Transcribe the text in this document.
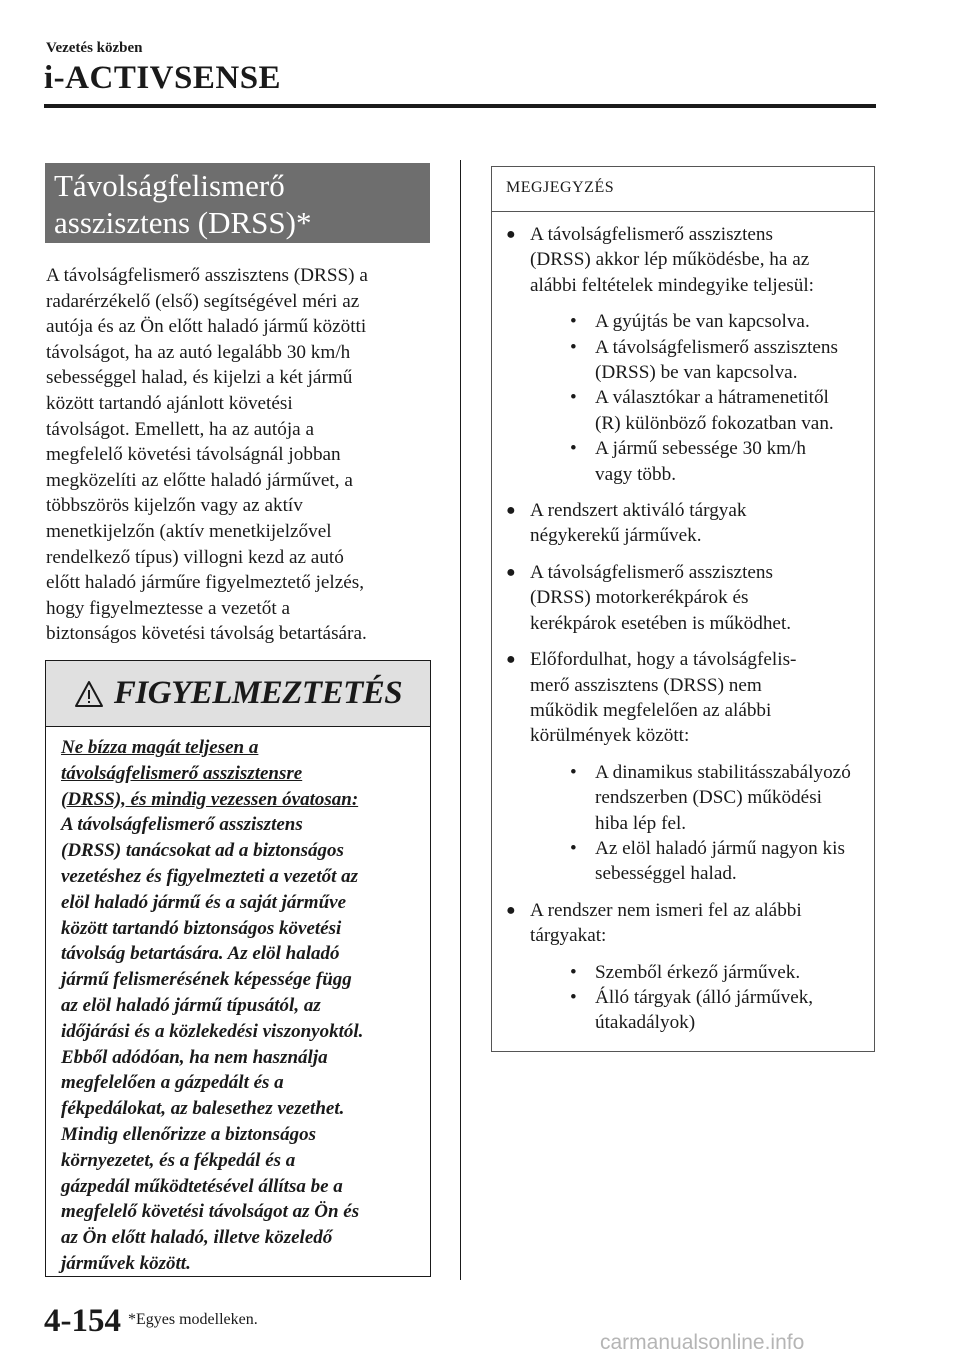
Vezetés közben
i-ACTIVSENSE
Távolságfelismerő
asszisztens (DRSS)*
A távolságfelismerő asszisztens (DRSS) a
radarérzékelő (első) segítségével méri az
autója és az Ön előtt haladó jármű közötti
távolságot, ha az autó legalább 30 km/h
sebességgel halad, és kijelzi a két jármű
között tartandó ajánlott követési
távolságot. Emellett, ha az autója a
megfelelő követési távolságnál jobban
megközelíti az előtte haladó járművet, a
többszörös kijelzőn vagy az aktív
menetkijelzőn (aktív menetkijelzővel
rendelkező típus) villogni kezd az autó
előtt haladó járműre figyelmeztető jelzés,
hogy figyelmeztesse a vezetőt a
biztonságos követési távolság betartására.
FIGYELMEZTETÉS
Ne bízza magát teljesen a
távolságfelismerő asszisztensre
(DRSS), és mindig vezessen óvatosan:
A távolságfelismerő asszisztens
(DRSS) tanácsokat ad a biztonságos
vezetéshez és figyelmezteti a vezetőt az
elöl haladó jármű és a saját járműve
között tartandó biztonságos követési
távolság betartására. Az elöl haladó
jármű felismerésének képessége függ
az elöl haladó jármű típusától, az
időjárási és a közlekedési viszonyoktól.
Ebből adódóan, ha nem használja
megfelelően a gázpedált és a
fékpedálokat, az balesethez vezethet.
Mindig ellenőrizze a biztonságos
környezetet, és a fékpedál és a
gázpedál működtetésével állítsa be a
megfelelő követési távolságot az Ön és
az Ön előtt haladó, illetve közeledő
járművek között.
MEGJEGYZÉS
● A távolságfelismerő asszisztens
(DRSS) akkor lép működésbe, ha az
alábbi feltételek mindegyike teljesül:
• A gyújtás be van kapcsolva.
• A távolságfelismerő asszisztens
(DRSS) be van kapcsolva.
• A választókar a hátramenetitől
(R) különböző fokozatban van.
• A jármű sebessége 30 km/h
vagy több.
● A rendszert aktiváló tárgyak
négykerekű járművek.
● A távolságfelismerő asszisztens
(DRSS) motorkerékpárok és
kerékpárok esetében is működhet.
● Előfordulhat, hogy a távolságfelis-
merő asszisztens (DRSS) nem
működik megfelelően az alábbi
körülmények között:
• A dinamikus stabilitásszabályozó
rendszerben (DSC) működési
hiba lép fel.
• Az elöl haladó jármű nagyon kis
sebességgel halad.
● A rendszer nem ismeri fel az alábbi
tárgyakat:
• Szemből érkező járművek.
• Álló tárgyak (álló járművek,
útakadályok)
4-154 *Egyes modelleken.
carmanualsonline.info
